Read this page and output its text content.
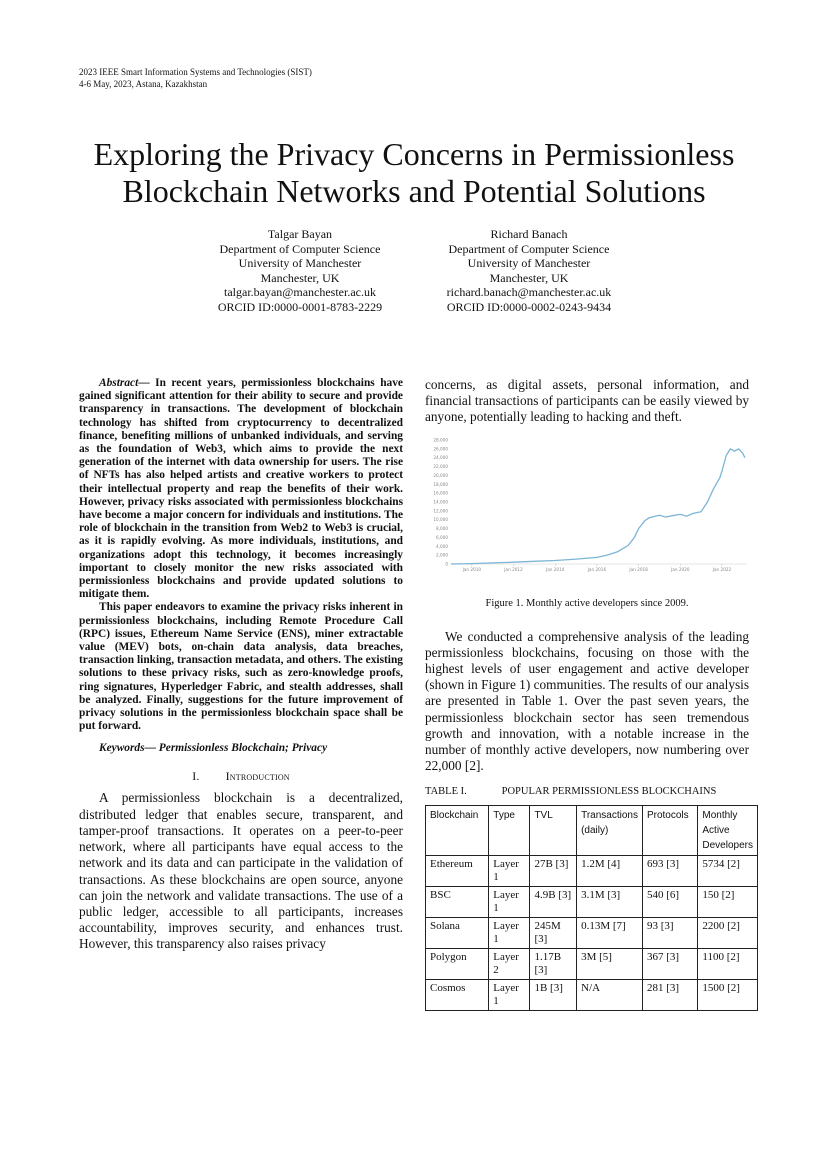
2023 IEEE Smart Information Systems and Technologies (SIST)
4-6 May, 2023, Astana, Kazakhstan
Exploring the Privacy Concerns in Permissionless Blockchain Networks and Potential Solutions
Talgar Bayan
Department of Computer Science
University of Manchester
Manchester, UK
talgar.bayan@manchester.ac.uk
ORCID ID:0000-0001-8783-2229
Richard Banach
Department of Computer Science
University of Manchester
Manchester, UK
richard.banach@manchester.ac.uk
ORCID ID:0000-0002-0243-9434

Abstract— In recent years, permissionless blockchains have gained significant attention for their ability to secure and provide transparency in transactions. The development of blockchain technology has shifted from cryptocurrency to decentralized finance, benefiting millions of unbanked individuals, and serving as the foundation of Web3, which aims to provide the next generation of the internet with data ownership for users. The rise of NFTs has also helped artists and creative workers to protect their intellectual property and reap the benefits of their work. However, privacy risks associated with permissionless blockchains have become a major concern for individuals and institutions. The role of blockchain in the transition from Web2 to Web3 is crucial, as it is rapidly evolving. As more individuals, institutions, and organizations adopt this technology, it becomes increasingly important to closely monitor the new risks associated with permissionless blockchains and provide updated solutions to mitigate them.

This paper endeavors to examine the privacy risks inherent in permissionless blockchains, including Remote Procedure Call (RPC) issues, Ethereum Name Service (ENS), miner extractable value (MEV) bots, on-chain data analysis, data breaches, transaction linking, transaction metadata, and others. The existing solutions to these privacy risks, such as zero-knowledge proofs, ring signatures, Hyperledger Fabric, and stealth addresses, shall be analyzed. Finally, suggestions for the future improvement of privacy solutions in the permissionless blockchain space shall be put forward.

Keywords— Permissionless Blockchain; Privacy

I. Introduction

A permissionless blockchain is a decentralized, distributed ledger that enables secure, transparent, and tamper-proof transactions. It operates on a peer-to-peer network, where all participants have equal access to the network and its data and can participate in the validation of transactions. As these blockchains are open source, anyone can join the network and validate transactions. The use of a public ledger, accessible to all participants, increases accountability, improves security, and enhances trust. However, this transparency also raises privacy

concerns, as digital assets, personal information, and financial transactions of participants can be easily viewed by anyone, potentially leading to hacking and theft.

0
2,000
4,000
6,000
8,000
10,000
12,000
14,000
16,000
18,000
20,000
22,000
24,000
26,000
28,000
Jan 2010	Jan 2012	Jan 2014	Jan 2016	Jan 2018	Jan 2020	Jan 2022
Figure 1. Monthly active developers since 2009.

We conducted a comprehensive analysis of the leading permissionless blockchains, focusing on those with the highest levels of user engagement and active developer (shown in Figure 1) communities. The results of our analysis are presented in Table 1. Over the past seven years, the permissionless blockchain sector has seen tremendous growth and innovation, with a notable increase in the number of monthly active developers, now numbering over 22,000 [2].

TABLE I.	POPULAR PERMISSIONLESS BLOCKCHAINS
Blockchain	Type	TVL	Transactions (daily)	Protocols	Monthly Active Developers
Ethereum	Layer 1	27B [3]	1.2M [4]	693 [3]	5734 [2]
BSC	Layer 1	4.9B [3]	3.1M [3]	540 [6]	150 [2]
Solana	Layer 1	245M [3]	0.13M [7]	93 [3]	2200 [2]
Polygon	Layer 2	1.17B [3]	3M [5]	367 [3]	1100 [2]
Cosmos	Layer 1	1B [3]	N/A	281 [3]	1500 [2]
